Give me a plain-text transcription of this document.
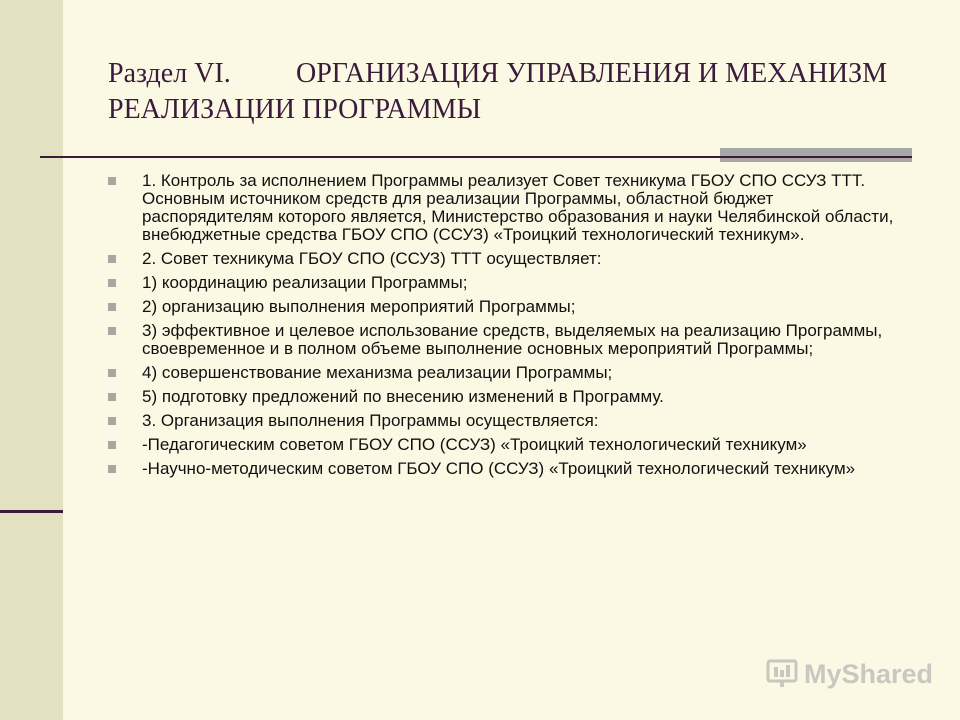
Раздел VI. ОРГАНИЗАЦИЯ УПРАВЛЕНИЯ И МЕХАНИЗМ РЕАЛИЗАЦИИ ПРОГРАММЫ
1. Контроль за исполнением Программы реализует Совет техникума ГБОУ СПО ССУЗ ТТТ. Основным источником средств для реализации Программы, областной бюджет распорядителям которого является, Министерство образования и науки Челябинской области, внебюджетные средства ГБОУ СПО (ССУЗ) «Троицкий технологический техникум».
2. Совет техникума ГБОУ СПО (ССУЗ) ТТТ осуществляет:
1) координацию реализации Программы;
2) организацию выполнения мероприятий Программы;
3) эффективное и целевое использование средств, выделяемых на реализацию Программы, своевременное и в полном объеме выполнение основных мероприятий Программы;
4) совершенствование механизма реализации Программы;
5) подготовку предложений по внесению изменений в Программу.
3. Организация выполнения Программы осуществляется:
-Педагогическим советом ГБОУ СПО (ССУЗ) «Троицкий технологический техникум»
-Научно-методическим советом ГБОУ СПО (ССУЗ) «Троицкий технологический техникум»
MyShared
